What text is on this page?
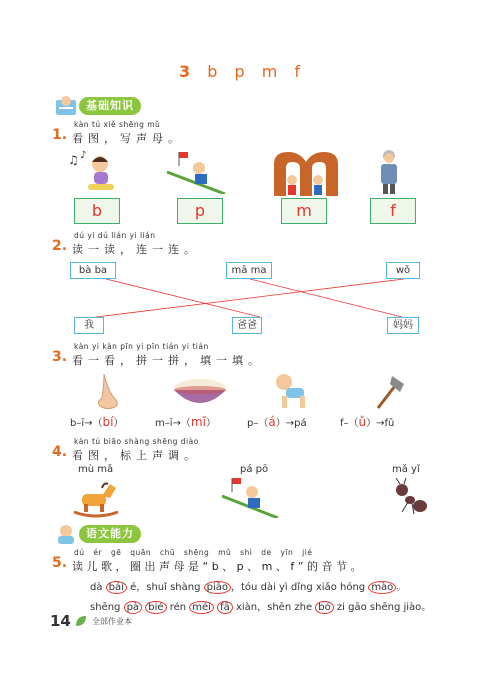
3 b p m f
基础知识
kàn tú xiě shēng mǔ
1. 看图，写声母。
♫ ♪
b	p	m	f
dú yi dú lián yi lián
2. 读一读，连一连。
bà ba	mā ma	wǒ
我	爸爸	妈妈
kàn yi kàn pīn yi pīn tián yi tián
3. 看一看，拼一拼，填一填。
b–ī→（bí）	m–ī→（mǐ）	p–（á）→pá	f–（ǔ）→fǔ
kàn tú biāo shàng shēng diào
4. 看图，标上声调。
mù mǎ	pá pō	mǎ yǐ
语文能力
dú ér gē quān chū shēng mǔ shì de yīn jié
5. 读儿歌，圈出声母是“b、p、m、f”的音节。
dà bái é，shuǐ shàng piāo ，tóu dài yì dǐng xiǎo hóng mào 。
shēng pà bié rén méi fā xiàn，shēn zhe bó zi gāo shēng jiào。
14	全部作业本
